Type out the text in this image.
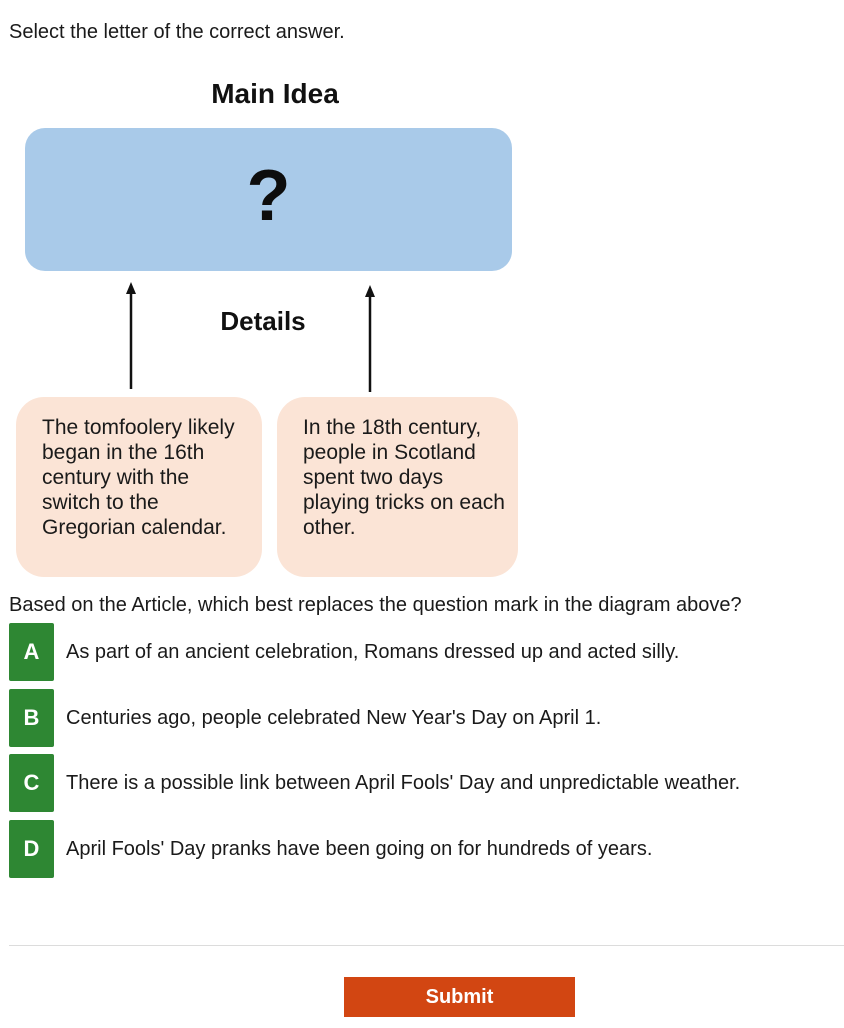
Select the letter of the correct answer.

Main Idea
?
Details
The tomfoolery likely began in the 16th century with the switch to the Gregorian calendar.
In the 18th century, people in Scotland spent two days playing tricks on each other.

Based on the Article, which best replaces the question mark in the diagram above?

A	As part of an ancient celebration, Romans dressed up and acted silly.
B	Centuries ago, people celebrated New Year's Day on April 1.
C	There is a possible link between April Fools' Day and unpredictable weather.
D	April Fools' Day pranks have been going on for hundreds of years.
Submit
